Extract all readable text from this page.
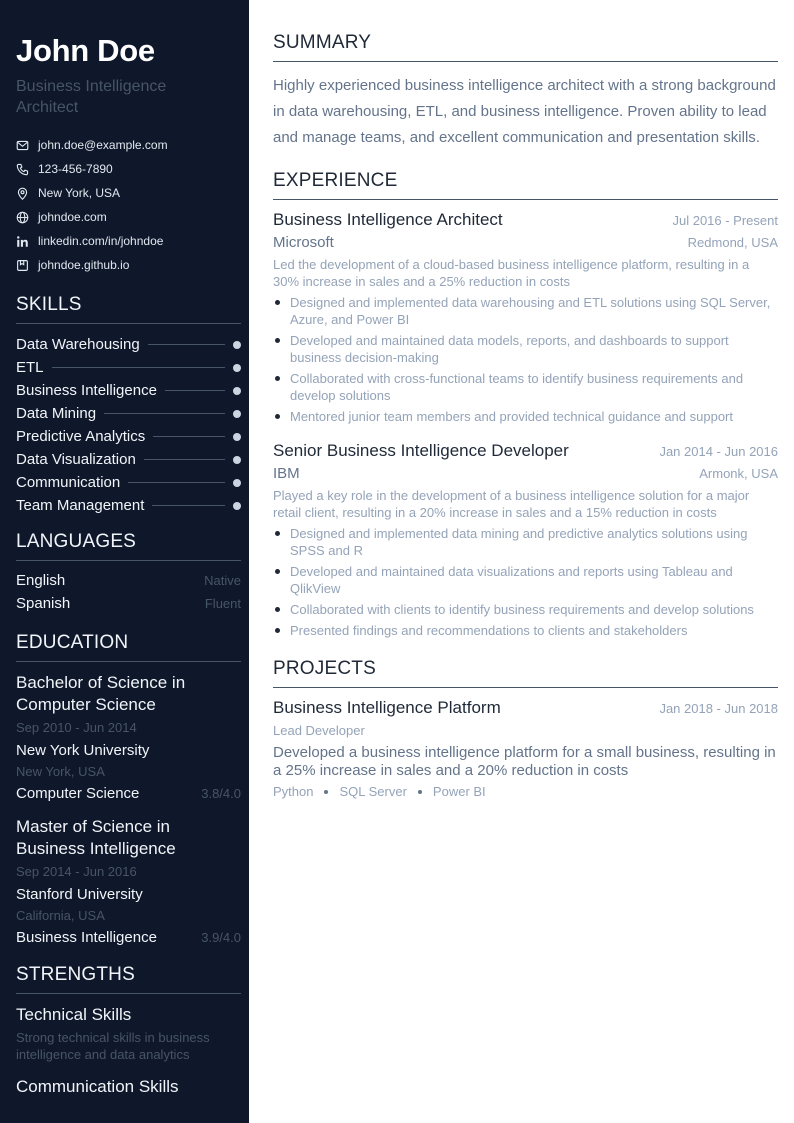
John Doe
Business Intelligence Architect
john.doe@example.com
123-456-7890
New York, USA
johndoe.com
linkedin.com/in/johndoe
johndoe.github.io
SKILLS
Data Warehousing
ETL
Business Intelligence
Data Mining
Predictive Analytics
Data Visualization
Communication
Team Management
LANGUAGES
English	Native
Spanish	Fluent
EDUCATION
Bachelor of Science in Computer Science
Sep 2010 - Jun 2014
New York University
New York, USA
Computer Science	3.8/4.0
Master of Science in Business Intelligence
Sep 2014 - Jun 2016
Stanford University
California, USA
Business Intelligence	3.9/4.0
STRENGTHS
Technical Skills
Strong technical skills in business intelligence and data analytics
Communication Skills
SUMMARY

Highly experienced business intelligence architect with a strong background in data warehousing, ETL, and business intelligence. Proven ability to lead and manage teams, and excellent communication and presentation skills.

EXPERIENCE
Business Intelligence Architect	Jul 2016 - Present
Microsoft	Redmond, USA

Led the development of a cloud-based business intelligence platform, resulting in a 30% increase in sales and a 25% reduction in costs

Designed and implemented data warehousing and ETL solutions using SQL Server, Azure, and Power BI
Developed and maintained data models, reports, and dashboards to support business decision-making
Collaborated with cross-functional teams to identify business requirements and develop solutions
Mentored junior team members and provided technical guidance and support
Senior Business Intelligence Developer	Jan 2014 - Jun 2016
IBM	Armonk, USA

Played a key role in the development of a business intelligence solution for a major retail client, resulting in a 20% increase in sales and a 15% reduction in costs

Designed and implemented data mining and predictive analytics solutions using SPSS and R
Developed and maintained data visualizations and reports using Tableau and QlikView
Collaborated with clients to identify business requirements and develop solutions
Presented findings and recommendations to clients and stakeholders
PROJECTS
Business Intelligence Platform	Jan 2018 - Jun 2018
Lead Developer

Developed a business intelligence platform for a small business, resulting in a 25% increase in sales and a 20% reduction in costs

Python SQL Server Power BI
